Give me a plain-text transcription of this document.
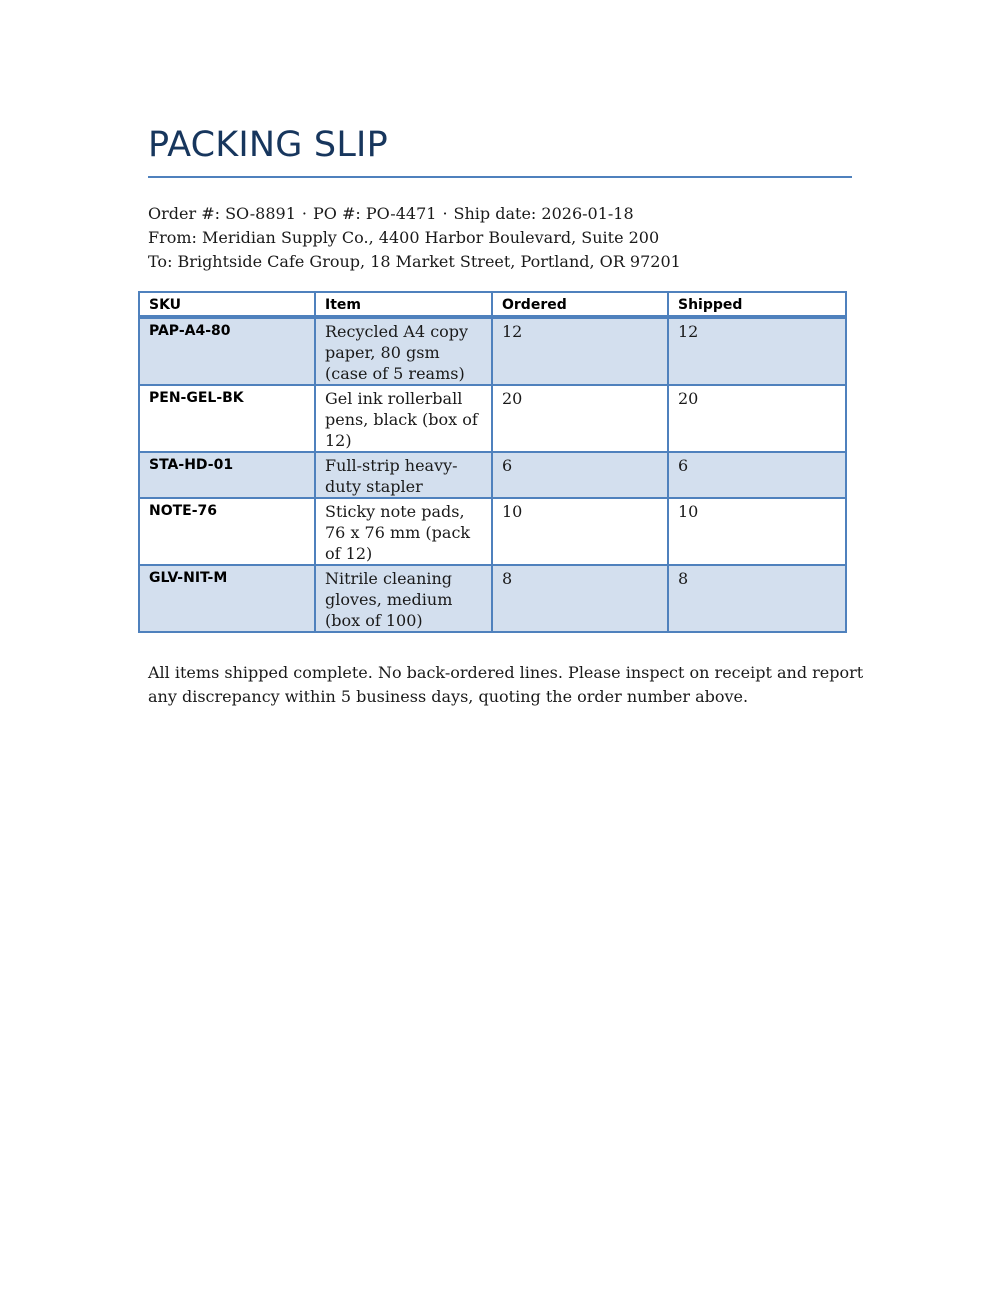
PACKING SLIP
Order #: SO-8891 · PO #: PO-4471 · Ship date: 2026-01-18
From: Meridian Supply Co., 4400 Harbor Boulevard, Suite 200
To: Brightside Cafe Group, 18 Market Street, Portland, OR 97201
SKU	Item	Ordered	Shipped
PAP-A4-80	Recycled A4 copy paper, 80 gsm (case of 5 reams)	12	12
PEN-GEL-BK	Gel ink rollerball pens, black (box of 12)	20	20
STA-HD-01	Full-strip heavy-duty stapler	6	6
NOTE-76	Sticky note pads, 76 x 76 mm (pack of 12)	10	10
GLV-NIT-M	Nitrile cleaning gloves, medium (box of 100)	8	8

All items shipped complete. No back-ordered lines. Please inspect on receipt and report any discrepancy within 5 business days, quoting the order number above.
